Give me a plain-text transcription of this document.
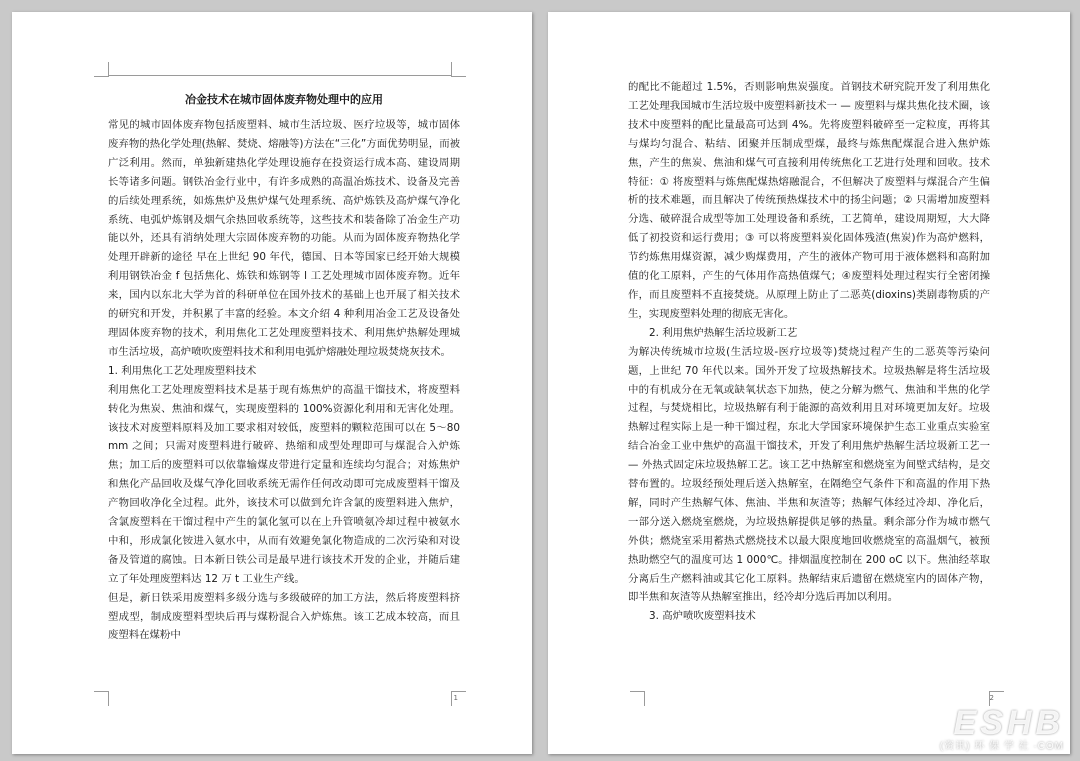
冶金技术在城市固体废弃物处理中的应用

常见的城市固体废弃物包括废塑料、城市生活垃圾、医疗垃圾等，城市固体废弃物的热化学处理(热解、焚烧、熔融等)方法在“三化”方面优势明显，而被广泛利用。然而，单独新建热化学处理设施存在投资运行成本高、建设周期长等诸多问题。钢铁冶金行业中，有许多成熟的高温冶炼技术、设备及完善的后续处理系统，如炼焦炉及焦炉煤气处理系统、高炉炼铁及高炉煤气净化系统、电弧炉炼钢及烟气余热回收系统等，这些技术和装备除了冶金生产功能以外，还具有消纳处理大宗固体废弃物的功能。从而为固体废弃物热化学处理开辟新的途径 早在上世纪 90 年代，德国、日本等国家已经开始大规模利用钢铁冶金 f 包括焦化、炼铁和炼钢等 l 工艺处理城市固体废弃物。近年来，国内以东北大学为首的科研单位在国外技术的基础上也开展了相关技术的研究和开发，并积累了丰富的经验。本文介绍 4 种利用冶金工艺及设备处理固体废弃物的技术，利用焦化工艺处理废塑料技术、利用焦炉热解处理城市生活垃圾，高炉喷吹废塑料技术和利用电弧炉熔融处理垃圾焚烧灰技术。

1. 利用焦化工艺处理废塑料技术

利用焦化工艺处理废塑料技术是基于现有炼焦炉的高温干馏技术，将废塑料转化为焦炭、焦油和煤气，实现废塑料的 100%资源化利用和无害化处理。该技术对废塑料原料及加工要求相对较低，废塑料的颗粒范围可以在 5～80 mm 之间；只需对废塑料进行破碎、热缩和成型处理即可与煤混合入炉炼焦；加工后的废塑料可以依靠输煤皮带进行定量和连续均匀混合；对炼焦炉和焦化产品回收及煤气净化回收系统无需作任何改动即可完成废塑料干馏及产物回收净化全过程。此外，该技术可以做到允许含氯的废塑料进入焦炉，含氯废塑料在干馏过程中产生的氯化氢可以在上升管喷氨冷却过程中被氨水中和，形成氯化铵进入氨水中，从而有效避免氯化物造成的二次污染和对设备及管道的腐蚀。日本新日铁公司是最早进行该技术开发的企业，并随后建立了年处理废塑料达 12 万 t 工业生产线。

但是，新日铁采用废塑料多级分选与多级破碎的加工方法，然后将废塑料挤塑成型，制成废塑料型块后再与煤粉混合入炉炼焦。该工艺成本较高，而且废塑料在煤粉中

1

的配比不能超过 1.5%，否则影响焦炭强度。首钢技术研究院开发了利用焦化工艺处理我国城市生活垃圾中废塑料新技术一 — 废塑料与煤共焦化技术圈，该技术中废塑料的配比量最高可达到 4%。先将废塑料破碎至一定粒度，再将其与煤均匀混合、粘结、团聚并压制成型煤，最终与炼焦配煤混合进入焦炉炼焦，产生的焦炭、焦油和煤气可直接利用传统焦化工艺进行处理和回收。技术特征：① 将废塑料与炼焦配煤热熔融混合，不但解决了废塑料与煤混合产生偏析的技术难题，而且解决了传统预热煤技术中的扬尘问题；② 只需增加废塑料分选、破碎混合成型等加工处理设备和系统，工艺简单，建设周期短，大大降低了初投资和运行费用；③ 可以将废塑料炭化固体残渣(焦炭)作为高炉燃料，节约炼焦用煤资源，减少购煤费用，产生的液体产物可用于液体燃料和高附加值的化工原料，产生的气体用作高热值煤气；④废塑料处理过程实行全密闭操作，而且废塑料不直接焚烧。从原理上防止了二恶英(dioxins)类剧毒物质的产生，实现废塑料处理的彻底无害化。

2. 利用焦炉热解生活垃圾新工艺

为解决传统城市垃圾(生活垃圾-医疗垃圾等)焚烧过程产生的二恶英等污染问题，上世纪 70 年代以来。国外开发了垃圾热解技术。垃圾热解是将生活垃圾中的有机成分在无氧或缺氧状态下加热，使之分解为燃气、焦油和半焦的化学过程，与焚烧相比，垃圾热解有利于能源的高效利用且对环境更加友好。垃圾热解过程实际上是一种干馏过程，东北大学国家环境保护生态工业重点实验室结合冶金工业中焦炉的高温干馏技术，开发了利用焦炉热解生活垃圾新工艺一 — 外热式固定床垃圾热解工艺。该工艺中热解室和燃烧室为间壁式结构，是交替布置的。垃圾经预处理后送入热解室，在隔绝空气条件下和高温的作用下热解，同时产生热解气体、焦油、半焦和灰渣等；热解气体经过冷却、净化后，一部分送入燃烧室燃烧，为垃圾热解提供足够的热量。剩余部分作为城市燃气外供；燃烧室采用蓄热式燃烧技术以最大限度地回收燃烧室的高温烟气，被预热助燃空气的温度可达 1 000℃。排烟温度控制在 200 oC 以下。焦油经萃取分离后生产燃料油或其它化工原料。热解结束后遗留在燃烧室内的固体产物，即半焦和灰渣等从热解室推出，经冷却分选后再加以利用。

3. 高炉喷吹废塑料技术

2
ESHB
(资讯) 环 保 学 社 ·COM
